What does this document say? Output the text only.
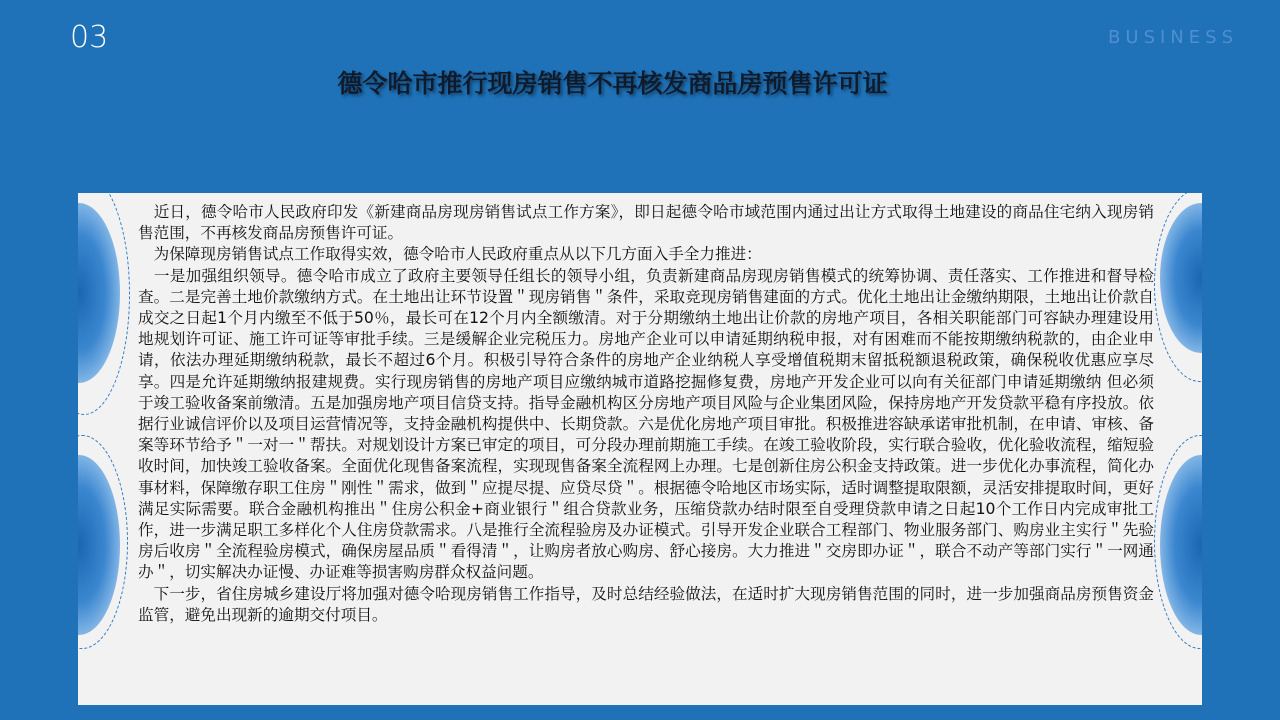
03	BUSINESS
德令哈市推行现房销售不再核发商品房预售许可证

　近日，德令哈市人民政府印发《新建商品房现房销售试点工作方案》，即日起德令哈市域范围内通过出让方式取得土地建设的商品住宅纳入现房销售范围，不再核发商品房预售许可证。

　为保障现房销售试点工作取得实效，德令哈市人民政府重点从以下几方面入手全力推进：

　一是加强组织领导。德令哈市成立了政府主要领导任组长的领导小组，负责新建商品房现房销售模式的统筹协调、责任落实、工作推进和督导检查。二是完善土地价款缴纳方式。在土地出让环节设置＂现房销售＂条件，采取竞现房销售建面的方式。优化土地出让金缴纳期限，土地出让价款自成交之日起1个月内缴至不低于50％，最长可在12个月内全额缴清。对于分期缴纳土地出让价款的房地产项目，各相关职能部门可容缺办理建设用地规划许可证、施工许可证等审批手续。三是缓解企业完税压力。房地产企业可以申请延期纳税申报，对有困难而不能按期缴纳税款的，由企业申请，依法办理延期缴纳税款，最长不超过6个月。积极引导符合条件的房地产企业纳税人享受增值税期末留抵税额退税政策，确保税收优惠应享尽享。四是允许延期缴纳报建规费。实行现房销售的房地产项目应缴纳城市道路挖掘修复费，房地产开发企业可以向有关征部门申请延期缴纳 但必须于竣工验收备案前缴清。五是加强房地产项目信贷支持。指导金融机构区分房地产项目风险与企业集团风险，保持房地产开发贷款平稳有序投放。依据行业诚信评价以及项目运营情况等，支持金融机构提供中、长期贷款。六是优化房地产项目审批。积极推进容缺承诺审批机制，在申请、审核、备案等环节给予＂一对一＂帮扶。对规划设计方案已审定的项目，可分段办理前期施工手续。在竣工验收阶段，实行联合验收，优化验收流程，缩短验收时间，加快竣工验收备案。全面优化现售备案流程，实现现售备案全流程网上办理。七是创新住房公积金支持政策。进一步优化办事流程，简化办事材料，保障缴存职工住房＂刚性＂需求，做到＂应提尽提、应贷尽贷＂。根据德令哈地区市场实际，适时调整提取限额，灵活安排提取时间，更好满足实际需要。联合金融机构推出＂住房公积金+商业银行＂组合贷款业务，压缩贷款办结时限至自受理贷款申请之日起10个工作日内完成审批工作，进一步满足职工多样化个人住房贷款需求。八是推行全流程验房及办证模式。引导开发企业联合工程部门、物业服务部门、购房业主实行＂先验房后收房＂全流程验房模式，确保房屋品质＂看得清＂，让购房者放心购房、舒心接房。大力推进＂交房即办证＂，联合不动产等部门实行＂一网通办＂，切实解决办证慢、办证难等损害购房群众权益问题。

　下一步，省住房城乡建设厅将加强对德令哈现房销售工作指导，及时总结经验做法，在适时扩大现房销售范围的同时，进一步加强商品房预售资金监管，避免出现新的逾期交付项目。
